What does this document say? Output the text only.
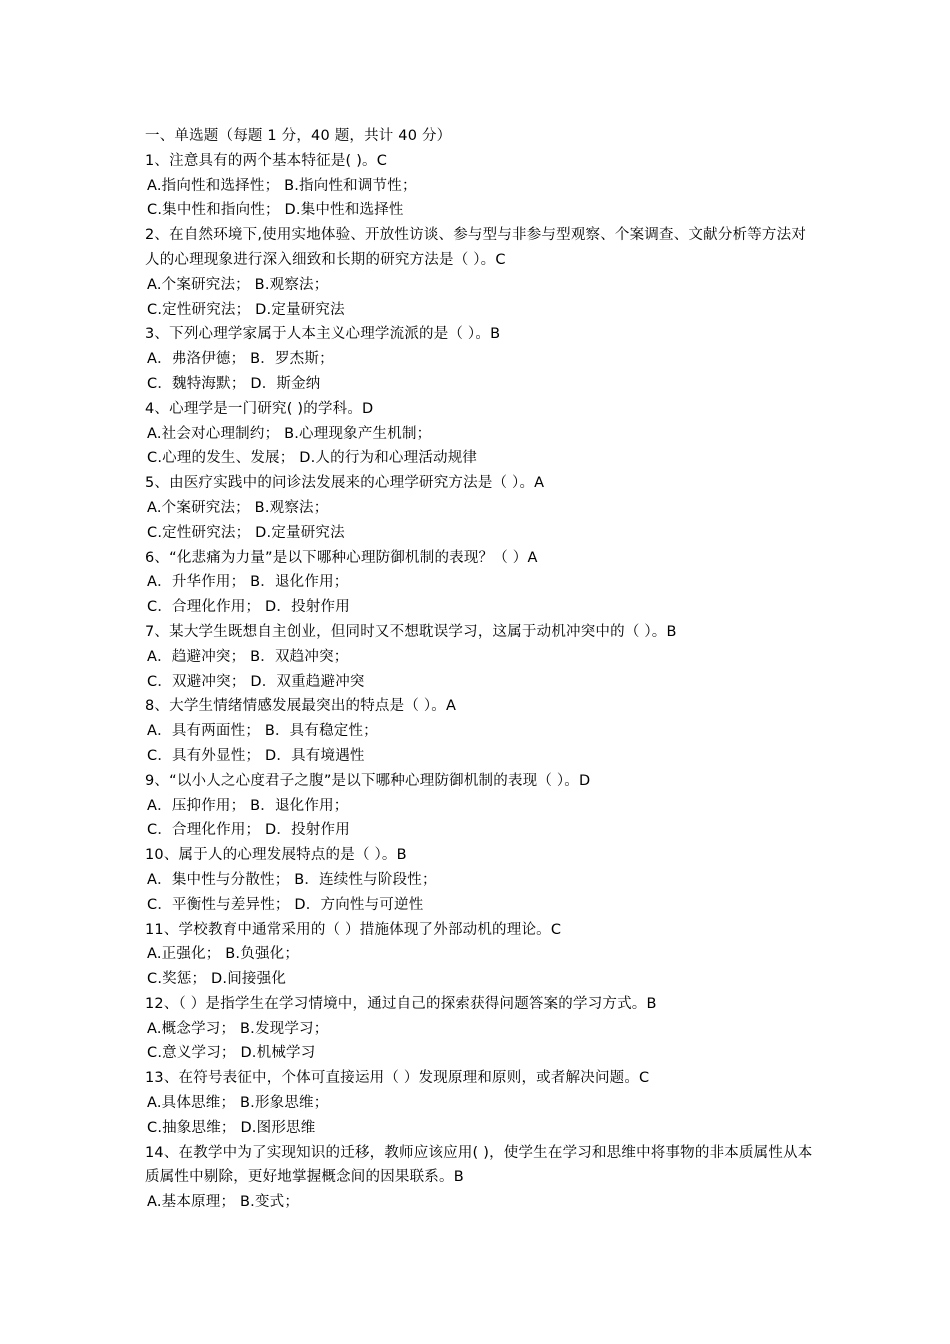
一、单选题（每题 1 分，40 题，共计 40 分）
1、注意具有的两个基本特征是( )。C
A.指向性和选择性； B.指向性和调节性；
C.集中性和指向性； D.集中性和选择性
2、在自然环境下,使用实地体验、开放性访谈、参与型与非参与型观察、个案调查、文献分析等方法对人的心理现象进行深入细致和长期的研究方法是（ ）。C
A.个案研究法； B.观察法；
C.定性研究法； D.定量研究法
3、下列心理学家属于人本主义心理学流派的是（ ）。B
A．弗洛伊德； B．罗杰斯；
C．魏特海默； D．斯金纳
4、心理学是一门研究( )的学科。D
A.社会对心理制约； B.心理现象产生机制；
C.心理的发生、发展； D.人的行为和心理活动规律
5、由医疗实践中的问诊法发展来的心理学研究方法是（ ）。A
A.个案研究法； B.观察法；
C.定性研究法； D.定量研究法
6、“化悲痛为力量”是以下哪种心理防御机制的表现？（ ）A
A．升华作用； B．退化作用；
C．合理化作用； D．投射作用
7、某大学生既想自主创业，但同时又不想耽误学习，这属于动机冲突中的（ ）。B
A．趋避冲突； B．双趋冲突；
C．双避冲突； D．双重趋避冲突
8、大学生情绪情感发展最突出的特点是（ ）。A
A．具有两面性； B．具有稳定性；
C．具有外显性； D．具有境遇性
9、“以小人之心度君子之腹”是以下哪种心理防御机制的表现（ ）。D
A．压抑作用； B．退化作用；
C．合理化作用； D．投射作用
10、属于人的心理发展特点的是（ ）。B
A．集中性与分散性； B．连续性与阶段性；
C．平衡性与差异性； D．方向性与可逆性
11、学校教育中通常采用的（ ）措施体现了外部动机的理论。C
A.正强化； B.负强化；
C.奖惩； D.间接强化
12、（ ）是指学生在学习情境中，通过自己的探索获得问题答案的学习方式。B
A.概念学习； B.发现学习；
C.意义学习； D.机械学习
13、在符号表征中，个体可直接运用（ ）发现原理和原则，或者解决问题。C
A.具体思维； B.形象思维；
C.抽象思维； D.图形思维
14、在教学中为了实现知识的迁移，教师应该应用( )，使学生在学习和思维中将事物的非本质属性从本质属性中剔除，更好地掌握概念间的因果联系。B
A.基本原理； B.变式；
